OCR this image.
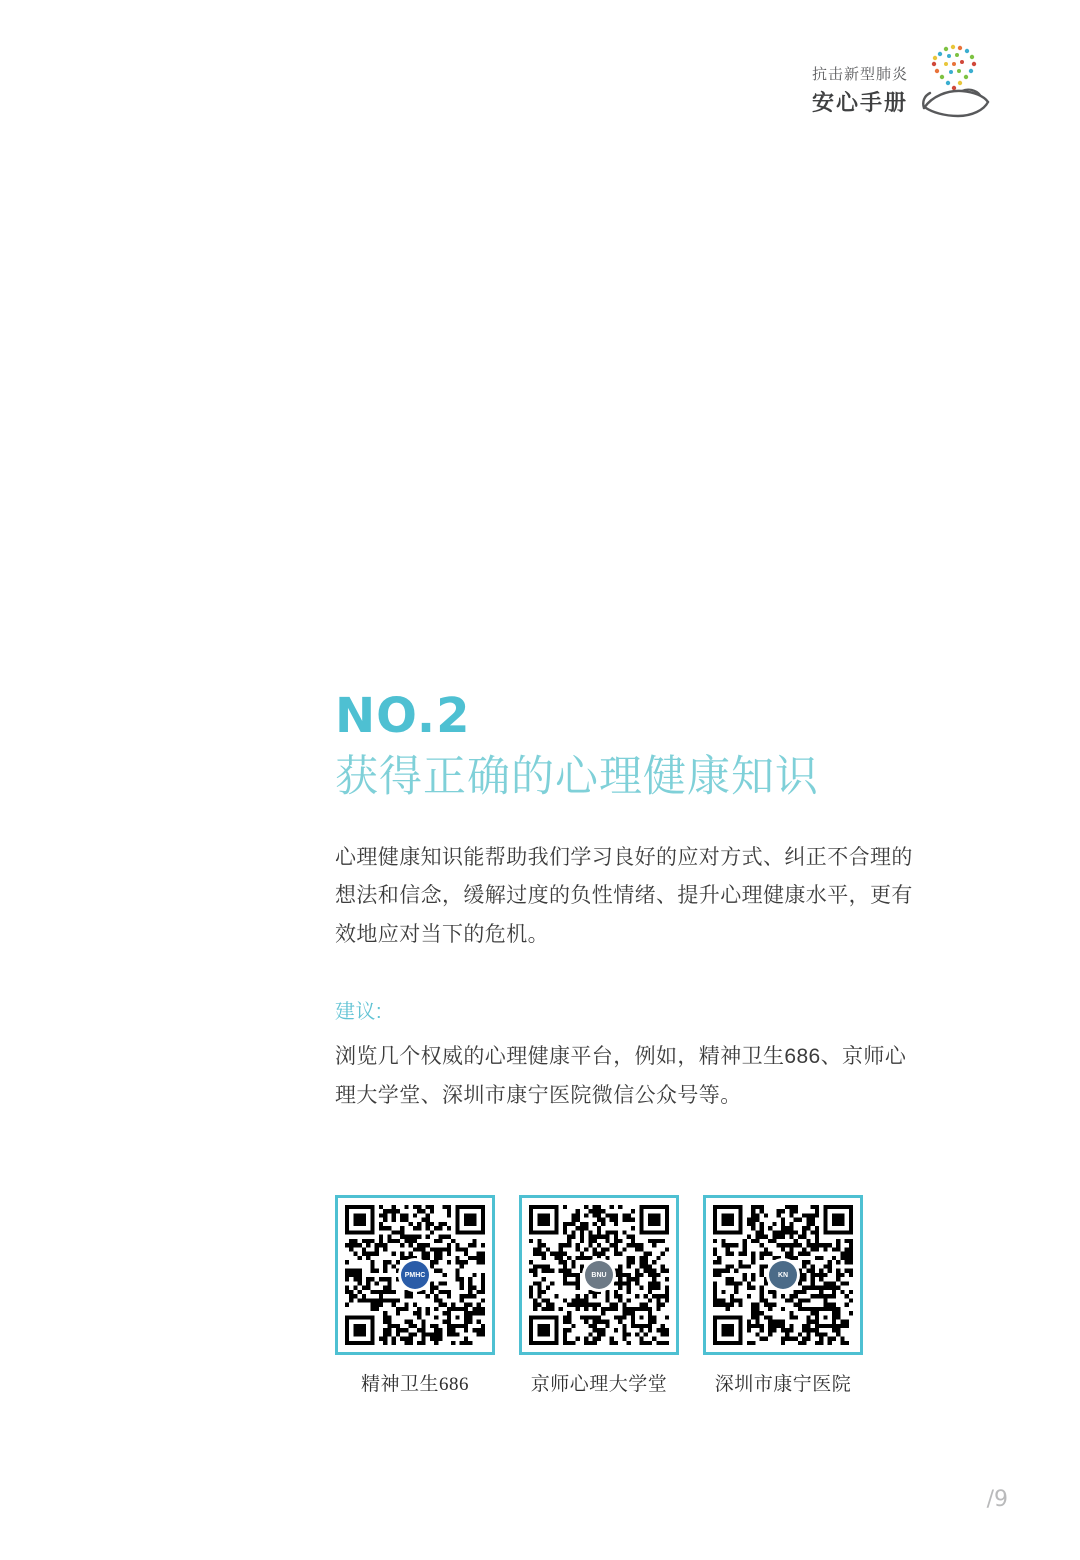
抗击新型肺炎
安心手册
NO.2
获得正确的心理健康知识

心理健康知识能帮助我们学习良好的应对方式、纠正不合理的想法和信念，缓解过度的负性情绪、提升心理健康水平，更有效地应对当下的危机。

建议:

浏览几个权威的心理健康平台，例如，精神卫生686、京师心理大学堂、深圳市康宁医院微信公众号等。

PMHC
精神卫生686
BNU
京师心理大学堂
KN
深圳市康宁医院
/9
